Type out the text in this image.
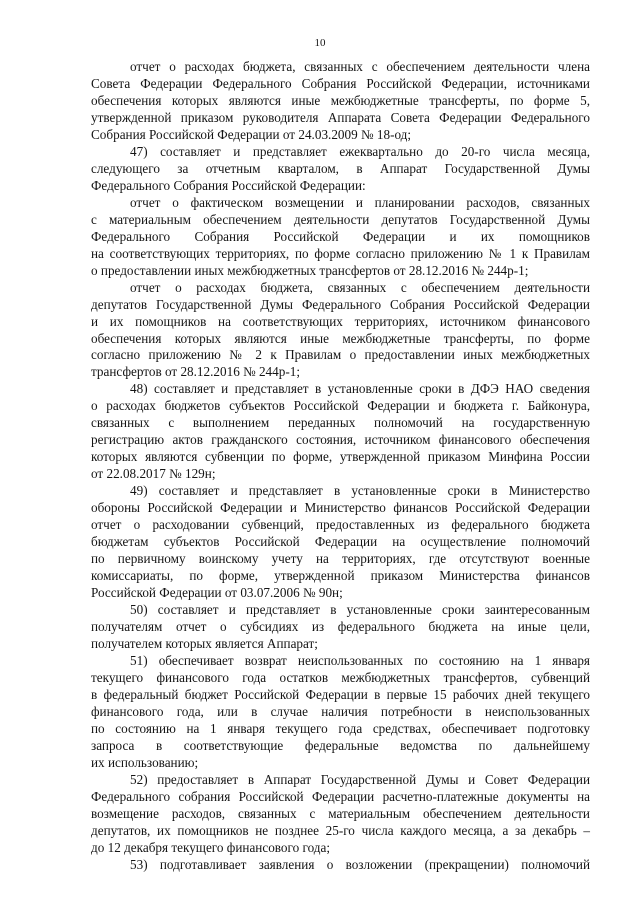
10
отчет о расходах бюджета, связанных с обеспечением деятельности члена
Совета Федерации Федерального Собрания Российской Федерации, источниками
обеспечения которых являются иные межбюджетные трансферты, по форме 5,
утвержденной приказом руководителя Аппарата Совета Федерации Федерального
Собрания Российской Федерации от 24.03.2009 № 18-од;
47) составляет и представляет ежеквартально до 20-го числа месяца,
следующего за отчетным кварталом, в Аппарат Государственной Думы
Федерального Собрания Российской Федерации:
отчет о фактическом возмещении и планировании расходов, связанных
с материальным обеспечением деятельности депутатов Государственной Думы
Федерального Собрания Российской Федерации и их помощников
на соответствующих территориях, по форме согласно приложению № 1 к Правилам
о предоставлении иных межбюджетных трансфертов от 28.12.2016 № 244р-1;
отчет о расходах бюджета, связанных с обеспечением деятельности
депутатов Государственной Думы Федерального Собрания Российской Федерации
и их помощников на соответствующих территориях, источником финансового
обеспечения которых являются иные межбюджетные трансферты, по форме
согласно приложению № 2 к Правилам о предоставлении иных межбюджетных
трансфертов от 28.12.2016 № 244р-1;
48) составляет и представляет в установленные сроки в ДФЭ НАО сведения
о расходах бюджетов субъектов Российской Федерации и бюджета г. Байконура,
связанных с выполнением переданных полномочий на государственную
регистрацию актов гражданского состояния, источником финансового обеспечения
которых являются субвенции по форме, утвержденной приказом Минфина России
от 22.08.2017 № 129н;
49) составляет и представляет в установленные сроки в Министерство
обороны Российской Федерации и Министерство финансов Российской Федерации
отчет о расходовании субвенций, предоставленных из федерального бюджета
бюджетам субъектов Российской Федерации на осуществление полномочий
по первичному воинскому учету на территориях, где отсутствуют военные
комиссариаты, по форме, утвержденной приказом Министерства финансов
Российской Федерации от 03.07.2006 № 90н;
50) составляет и представляет в установленные сроки заинтересованным
получателям отчет о субсидиях из федерального бюджета на иные цели,
получателем которых является Аппарат;
51) обеспечивает возврат неиспользованных по состоянию на 1 января
текущего финансового года остатков межбюджетных трансфертов, субвенций
в федеральный бюджет Российской Федерации в первые 15 рабочих дней текущего
финансового года, или в случае наличия потребности в неиспользованных
по состоянию на 1 января текущего года средствах, обеспечивает подготовку
запроса в соответствующие федеральные ведомства по дальнейшему
их использованию;
52) предоставляет в Аппарат Государственной Думы и Совет Федерации
Федерального собрания Российской Федерации расчетно-платежные документы на
возмещение расходов, связанных с материальным обеспечением деятельности
депутатов, их помощников не позднее 25-го числа каждого месяца, а за декабрь –
до 12 декабря текущего финансового года;
53) подготавливает заявления о возложении (прекращении) полномочий
